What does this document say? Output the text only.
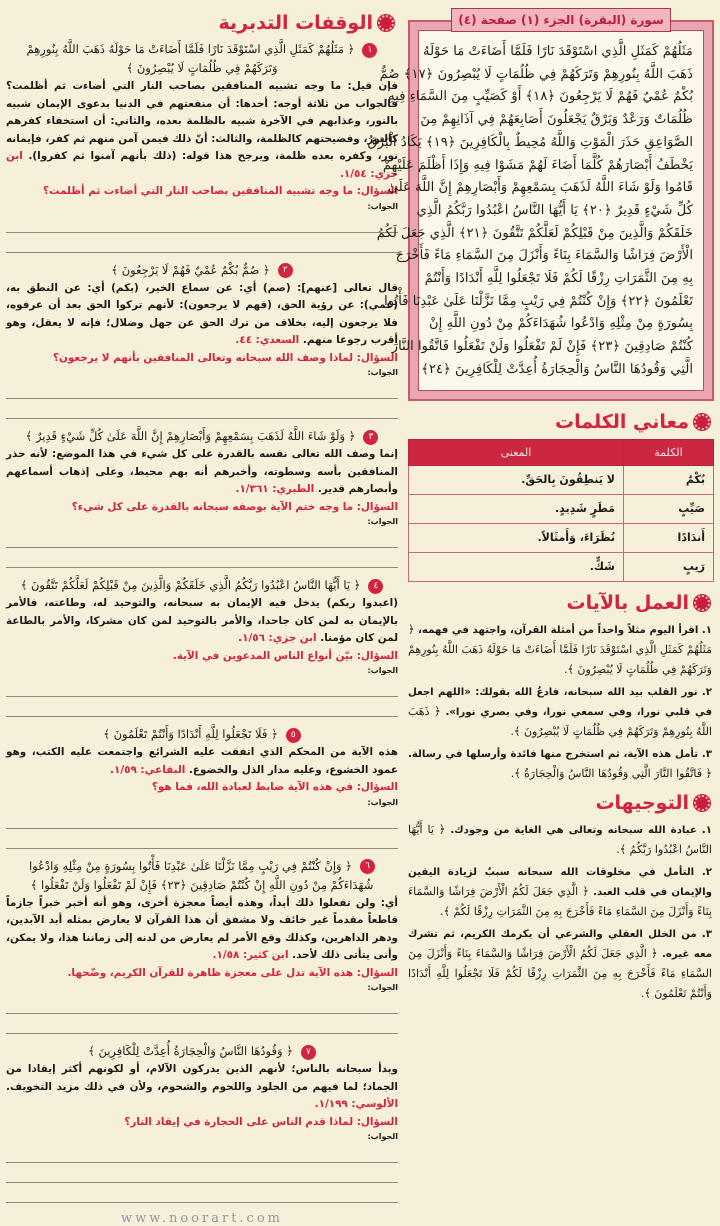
الوقفات التدبرية
١﴿ مَثَلُهُمْ كَمَثَلِ الَّذِي اسْتَوْقَدَ نَارًا فَلَمَّا أَضَاءَتْ مَا حَوْلَهُ ذَهَبَ اللَّهُ بِنُورِهِمْ وَتَرَكَهُمْ فِي ظُلُمَاتٍ لَا يُبْصِرُونَ ﴾
فإن قيل: ما وجه تشبيه المنافقين بصاحب النار التي أضاءت ثم أظلمت؟ فالجواب من ثلاثة أوجه: أحدها: أن منفعتهم في الدنيا بدعوى الإيمان شبيه بالنور، وعذابهم في الآخرة شبيه بالظلمة بعده، والثاني: أن استخفاء كفرهم كالنور، وفضيحتهم كالظلمة، والثالث: أنّ ذلك فيمن آمن منهم ثم كفر، فإيمانه نور، وكفره بعده ظلمة، ويرجح هذا قوله: (ذلك بأنهم آمنوا ثم كفروا). ابن جزي: ١/٥٤.
السؤال: ما وجه تشبيه المنافقين بصاحب النار التي أضاءت ثم أظلمت؟
الجواب:
٢﴿ صُمٌّ بُكْمٌ عُمْيٌ فَهُمْ لَا يَرْجِعُونَ ﴾
قال تعالى [عنهم]: (صم) أي: عن سماع الخير، (بكم) أي: عن النطق به، (عمي): عن رؤية الحق، (فهم لا يرجعون): لأنهم تركوا الحق بعد أن عرفوه، فلا يرجعون إليه، بخلاف من ترك الحق عن جهل وضلال؛ فإنه لا يعقل، وهو أقرب رجوعا منهم. السعدي: ٤٤.
السؤال: لماذا وصف الله سبحانه وتعالى المنافقين بأنهم لا يرجعون؟
الجواب:
٣﴿ وَلَوْ شَاءَ اللَّهُ لَذَهَبَ بِسَمْعِهِمْ وَأَبْصَارِهِمْ إِنَّ اللَّهَ عَلَىٰ كُلِّ شَيْءٍ قَدِيرٌ ﴾
إنما وصف الله تعالى نفسه بالقدرة على كل شيء في هذا الموضع: لأنه حذر المنافقين بأسه وسطوته، وأخبرهم أنه بهم محيط، وعلى إذهاب أسماعهم وأبصارهم قدير. الطبري: ١/٣٦١.
السؤال: ما وجه ختم الآية بوصفه سبحانه بالقدرة على كل شيء؟
الجواب:
٤﴿ يَا أَيُّهَا النَّاسُ اعْبُدُوا رَبَّكُمُ الَّذِي خَلَقَكُمْ وَالَّذِينَ مِنْ قَبْلِكُمْ لَعَلَّكُمْ تَتَّقُونَ ﴾
(اعبدوا ربكم) يدخل فيه الإيمان به سبحانه، والتوحيد له، وطاعته، فالأمر بالإيمان به لمن كان جاحدا، والأمر بالتوحيد لمن كان مشركا، والأمر بالطاعة لمن كان مؤمنا. ابن جزي: ١/٥٦.
السؤال: بيّن أنواع الناس المدعوين في الآية.
الجواب:
٥﴿ فَلَا تَجْعَلُوا لِلَّهِ أَنْدَادًا وَأَنْتُمْ تَعْلَمُونَ ﴾
هذه الآية من المحكم الذي اتفقت عليه الشرائع واجتمعت عليه الكتب، وهو عمود الخشوع، وعليه مدار الذل والخضوع. البقاعي: ١/٥٩.
السؤال: في هذه الآية ضابط لعبادة الله، فما هو؟
الجواب:
٦﴿ وَإِنْ كُنْتُمْ فِي رَيْبٍ مِمَّا نَزَّلْنَا عَلَىٰ عَبْدِنَا فَأْتُوا بِسُورَةٍ مِنْ مِثْلِهِ وَادْعُوا شُهَدَاءَكُمْ مِنْ دُونِ اللَّهِ إِنْ كُنْتُمْ صَادِقِينَ ﴿٢٣﴾ فَإِنْ لَمْ تَفْعَلُوا وَلَنْ تَفْعَلُوا ﴾
أي: ولن تفعلوا ذلك أبداً، وهذه أيضاً معجزة أخرى، وهو أنه أخبر خبراً جازماً قاطعاً مقدماً غير خائف ولا مشفق أن هذا القرآن لا يعارض بمثله أبد الآبدين، ودهر الداهرين، وكذلك وقع الأمر لم يعارض من لدنه إلى زماننا هذا، ولا يمكن، وأنى يتأتى ذلك لأحد. ابن كثير: ١/٥٨.
السؤال: هذه الآية تدل على معجزة ظاهرة للقرآن الكريم، وضّحها.
الجواب:
٧﴿ وَقُودُهَا النَّاسُ وَالْحِجَارَةُ أُعِدَّتْ لِلْكَافِرِينَ ﴾
وبدأ سبحانه بالناس؛ لأنهم الذين يدركون الآلام، أو لكونهم أكثر إيقادا من الجماد؛ لما فيهم من الجلود واللحوم والشحوم، ولأن في ذلك مزيد التخويف. الألوسي: ١/١٩٩.
السؤال: لماذا قدم الناس على الحجارة في إيقاد النار؟
الجواب:
www.noorart.com
سورة (البقرة) الجزء (١) صفحة (٤)
مَثَلُهُمْ كَمَثَلِ الَّذِي اسْتَوْقَدَ نَارًا فَلَمَّا أَضَاءَتْ مَا حَوْلَهُ
ذَهَبَ اللَّهُ بِنُورِهِمْ وَتَرَكَهُمْ فِي ظُلُمَاتٍ لَا يُبْصِرُونَ ﴿١٧﴾ صُمٌّ
بُكْمٌ عُمْيٌ فَهُمْ لَا يَرْجِعُونَ ﴿١٨﴾ أَوْ كَصَيِّبٍ مِنَ السَّمَاءِ فِيهِ
ظُلُمَاتٌ وَرَعْدٌ وَبَرْقٌ يَجْعَلُونَ أَصَابِعَهُمْ فِي آذَانِهِمْ مِنَ
الصَّوَاعِقِ حَذَرَ الْمَوْتِ وَاللَّهُ مُحِيطٌ بِالْكَافِرِينَ ﴿١٩﴾ يَكَادُ الْبَرْقُ
يَخْطَفُ أَبْصَارَهُمْ كُلَّمَا أَضَاءَ لَهُمْ مَشَوْا فِيهِ وَإِذَا أَظْلَمَ عَلَيْهِمْ
قَامُوا وَلَوْ شَاءَ اللَّهُ لَذَهَبَ بِسَمْعِهِمْ وَأَبْصَارِهِمْ إِنَّ اللَّهَ عَلَىٰ
كُلِّ شَيْءٍ قَدِيرٌ ﴿٢٠﴾ يَا أَيُّهَا النَّاسُ اعْبُدُوا رَبَّكُمُ الَّذِي
خَلَقَكُمْ وَالَّذِينَ مِنْ قَبْلِكُمْ لَعَلَّكُمْ تَتَّقُونَ ﴿٢١﴾ الَّذِي جَعَلَ لَكُمُ
الْأَرْضَ فِرَاشًا وَالسَّمَاءَ بِنَاءً وَأَنْزَلَ مِنَ السَّمَاءِ مَاءً فَأَخْرَجَ
بِهِ مِنَ الثَّمَرَاتِ رِزْقًا لَكُمْ فَلَا تَجْعَلُوا لِلَّهِ أَنْدَادًا وَأَنْتُمْ
تَعْلَمُونَ ﴿٢٢﴾ وَإِنْ كُنْتُمْ فِي رَيْبٍ مِمَّا نَزَّلْنَا عَلَىٰ عَبْدِنَا فَأْتُوا
بِسُورَةٍ مِنْ مِثْلِهِ وَادْعُوا شُهَدَاءَكُمْ مِنْ دُونِ اللَّهِ إِنْ
كُنْتُمْ صَادِقِينَ ﴿٢٣﴾ فَإِنْ لَمْ تَفْعَلُوا وَلَنْ تَفْعَلُوا فَاتَّقُوا النَّارَ
الَّتِي وَقُودُهَا النَّاسُ وَالْحِجَارَةُ أُعِدَّتْ لِلْكَافِرِينَ ﴿٢٤﴾
معاني الكلمات
الكلمة	المعنى
بُكْمٌ	لا يَنطِقُونَ بِالحَقِّ.
صَيِّبٍ	مَطَرٍ شَدِيدٍ.
أَندَادًا	نُظَرَاءَ، وَأَمثَالاً.
رَيبٍ	شَكٍّ.
العمل بالآيات
١. اقرأ اليوم مثلاً واحداً من أمثلة القرآن، واجتهد في فهمه، ﴿ مَثَلُهُمْ كَمَثَلِ الَّذِي اسْتَوْقَدَ نَارًا فَلَمَّا أَضَاءَتْ مَا حَوْلَهُ ذَهَبَ اللَّهُ بِنُورِهِمْ وَتَرَكَهُمْ فِي ظُلُمَاتٍ لَا يُبْصِرُونَ ﴾.
٢. نور القلب بيد الله سبحانه، فادعُ الله بقولك: «اللهم اجعل في قلبي نورا، وفي سمعي نورا، وفي بصري نورا». ﴿ ذَهَبَ اللَّهُ بِنُورِهِمْ وَتَرَكَهُمْ فِي ظُلُمَاتٍ لَا يُبْصِرُونَ ﴾.
٣. تأمل هذه الآية، ثم استخرج منها فائدة وأرسلها في رسالة. ﴿ فَاتَّقُوا النَّارَ الَّتِي وَقُودُهَا النَّاسُ وَالْحِجَارَةُ ﴾.
التوجيهات
١. عبادة الله سبحانه وتعالى هي الغاية من وجودك. ﴿ يَا أَيُّهَا النَّاسُ اعْبُدُوا رَبَّكُمُ ﴾.
٢. التأمل في مخلوقات الله سبحانه سببٌ لزيادة اليقين والإيمان في قلب العبد. ﴿ الَّذِي جَعَلَ لَكُمُ الْأَرْضَ فِرَاشًا وَالسَّمَاءَ بِنَاءً وَأَنْزَلَ مِنَ السَّمَاءِ مَاءً فَأَخْرَجَ بِهِ مِنَ الثَّمَرَاتِ رِزْقًا لَكُمْ ﴾.
٣. من الخلل العقلي والشرعي أن يكرمك الكريم، ثم تشرك معه غيره. ﴿ الَّذِي جَعَلَ لَكُمُ الْأَرْضَ فِرَاشًا وَالسَّمَاءَ بِنَاءً وَأَنْزَلَ مِنَ السَّمَاءِ مَاءً فَأَخْرَجَ بِهِ مِنَ الثَّمَرَاتِ رِزْقًا لَكُمْ فَلَا تَجْعَلُوا لِلَّهِ أَنْدَادًا وَأَنْتُمْ تَعْلَمُونَ ﴾.
